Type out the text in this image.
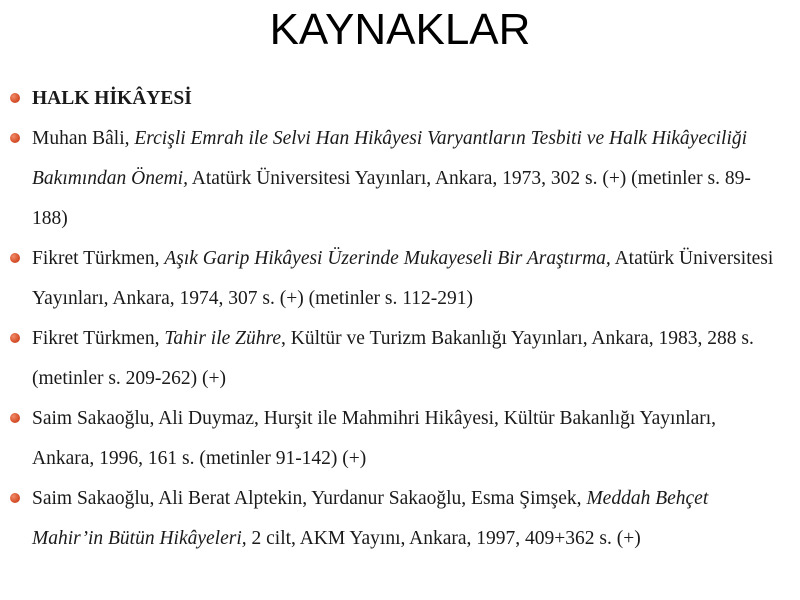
KAYNAKLAR
HALK HİKÂYESİ
Muhan Bâli, Ercişli Emrah ile Selvi Han Hikâyesi Varyantların Tesbiti ve Halk Hikâyeciliği Bakımından Önemi, Atatürk Üniversitesi Yayınları, Ankara, 1973, 302 s. (+) (metinler s. 89-188)
Fikret Türkmen, Aşık Garip Hikâyesi Üzerinde Mukayeseli Bir Araştırma, Atatürk Üniversitesi Yayınları, Ankara, 1974, 307 s. (+) (metinler s. 112-291)
Fikret Türkmen, Tahir ile Zühre, Kültür ve Turizm Bakanlığı Yayınları, Ankara, 1983, 288 s. (metinler s. 209-262) (+)
Saim Sakaoğlu, Ali Duymaz, Hurşit ile Mahmihri Hikâyesi, Kültür Bakanlığı Yayınları, Ankara, 1996, 161 s. (metinler 91-142) (+)
Saim Sakaoğlu, Ali Berat Alptekin, Yurdanur Sakaoğlu, Esma Şimşek, Meddah Behçet Mahir’in Bütün Hikâyeleri, 2 cilt, AKM Yayını, Ankara, 1997, 409+362 s. (+)
